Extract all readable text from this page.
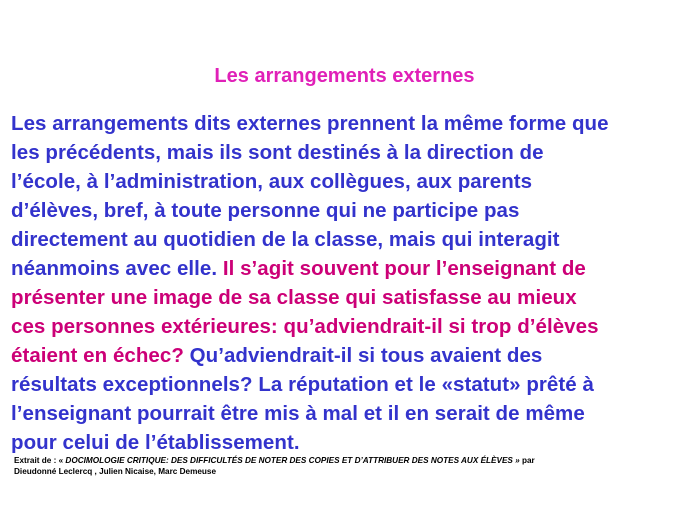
Les arrangements externes
Les arrangements dits externes prennent la même forme que
les précédents, mais ils sont destinés à la direction de
l’école, à l’administration, aux collègues, aux parents
d’élèves, bref, à toute personne qui ne participe pas
directement au quotidien de la classe, mais qui interagit
néanmoins avec elle. Il s’agit souvent pour l’enseignant de
présenter une image de sa classe qui satisfasse au mieux
ces personnes extérieures: qu’adviendrait-il si trop d’élèves
étaient en échec? Qu’adviendrait-il si tous avaient des
résultats exceptionnels? La réputation et le «statut» prêté à
l’enseignant pourrait être mis à mal et il en serait de même
pour celui de l’établissement.
Extrait de : « DOCIMOLOGIE CRITIQUE: DES DIFFICULTÉS DE NOTER DES COPIES ET D’ATTRIBUER DES NOTES AUX ÉLÈVES » par
Dieudonné Leclercq , Julien Nicaise, Marc Demeuse
